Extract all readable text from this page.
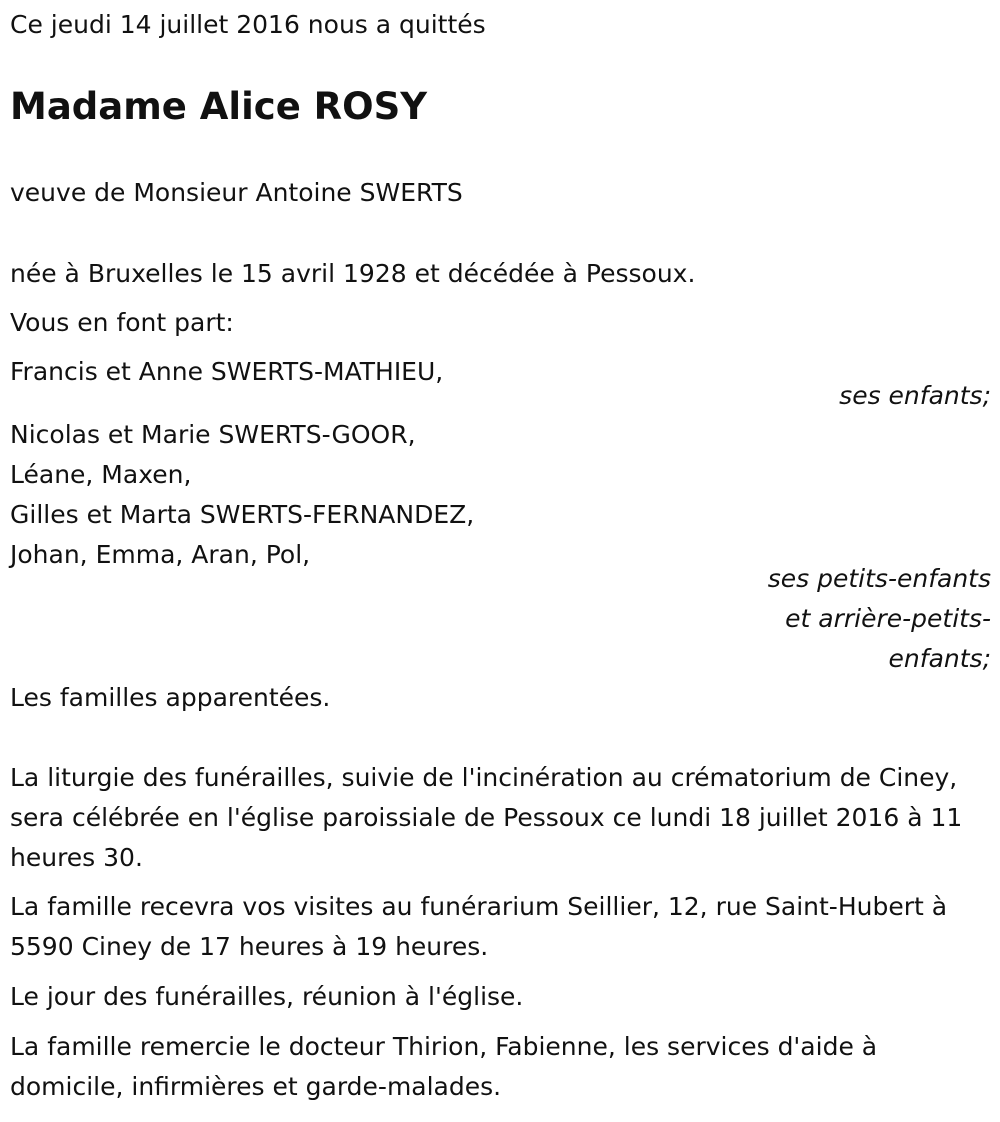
Ce jeudi 14 juillet 2016 nous a quittés
Madame Alice ROSY
veuve de Monsieur Antoine SWERTS
née à Bruxelles le 15 avril 1928 et décédée à Pessoux.
Vous en font part:
Francis et Anne SWERTS-MATHIEU,
ses enfants;
Nicolas et Marie SWERTS-GOOR,
Léane, Maxen,
Gilles et Marta SWERTS-FERNANDEZ,
Johan, Emma, Aran, Pol,
ses petits-enfants
et arrière-petits-
enfants;
Les familles apparentées.
La liturgie des funérailles, suivie de l'incinération au crématorium de Ciney, sera célébrée en l'église paroissiale de Pessoux ce lundi 18 juillet 2016 à 11 heures 30.
La famille recevra vos visites au funérarium Seillier, 12, rue Saint-Hubert à 5590 Ciney de 17 heures à 19 heures.
Le jour des funérailles, réunion à l'église.
La famille remercie le docteur Thirion, Fabienne, les services d'aide à domicile, infirmières et garde-malades.
